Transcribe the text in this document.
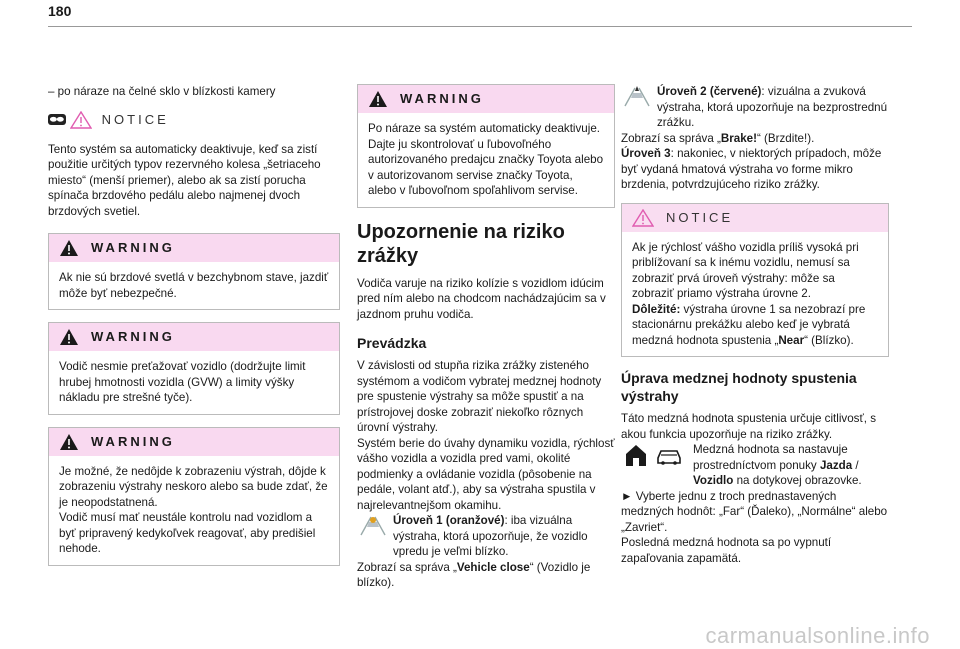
180

– po náraze na čelné sklo v blízkosti kamery

⬬⬬	NOTICE

Tento systém sa automaticky deaktivuje, keď sa zistí použitie určitých typov rezervného kolesa „šetriaceho miesto“ (menší priemer), alebo ak sa zistí porucha spínača brzdového pedálu alebo najmenej dvoch brzdových svetiel.

WARNING

Ak nie sú brzdové svetlá v bezchybnom stave, jazdiť môže byť nebezpečné.

WARNING

Vodič nesmie preťažovať vozidlo (dodržujte limit hrubej hmotnosti vozidla (GVW) a limity výšky nákladu pre strešné tyče).

WARNING

Je možné, že nedôjde k zobrazeniu výstrah, dôjde k zobrazeniu výstrahy neskoro alebo sa bude zdať, že je neopodstatnená.

Vodič musí mať neustále kontrolu nad vozidlom a byť pripravený kedykoľvek reagovať, aby predišiel nehode.

WARNING

Po náraze sa systém automaticky deaktivuje. Dajte ju skontrolovať u ľubovoľného autorizovaného predajcu značky Toyota alebo v autorizovanom servise značky Toyota, alebo v ľubovoľnom spoľahlivom servise.

Upozornenie na riziko zrážky

Vodiča varuje na riziko kolízie s vozidlom idúcim pred ním alebo na chodcom nachádzajúcim sa v jazdnom pruhu vodiča.

Prevádzka

V závislosti od stupňa rizika zrážky zisteného systémom a vodičom vybratej medznej hodnoty pre spustenie výstrahy sa môže spustiť a na prístrojovej doske zobraziť niekoľko rôznych úrovní výstrahy.

Systém berie do úvahy dynamiku vozidla, rýchlosť vášho vozidla a vozidla pred vami, okolité podmienky a ovládanie vozidla (pôsobenie na pedále, volant atď.), aby sa výstraha spustila v najrelevantnejšom okamihu.

Úroveň 1 (oranžové): iba vizuálna výstraha, ktorá upozorňuje, že vozidlo vpredu je veľmi blízko.

Zobrazí sa správa „Vehicle close“ (Vozidlo je blízko).

Úroveň 2 (červené): vizuálna a zvuková výstraha, ktorá upozorňuje na bezprostrednú zrážku.

Zobrazí sa správa „Brake!“ (Brzdite!).

Úroveň 3: nakoniec, v niektorých prípadoch, môže byť vydaná hmatová výstraha vo forme mikro brzdenia, potvrdzujúceho riziko zrážky.

NOTICE

Ak je rýchlosť vášho vozidla príliš vysoká pri priblížovaní sa k inému vozidlu, nemusí sa zobraziť prvá úroveň výstrahy: môže sa zobraziť priamo výstraha úrovne 2.

Dôležité: výstraha úrovne 1 sa nezobrazí pre stacionárnu prekážku alebo keď je vybratá medzná hodnota spustenia „Near“ (Blízko).

Úprava medznej hodnoty spustenia výstrahy

Táto medzná hodnota spustenia určuje citlivosť, s akou funkcia upozorňuje na riziko zrážky.

Medzná hodnota sa nastavuje prostredníctvom ponuky Jazda / Vozidlo na dotykovej obrazovke.

► Vyberte jednu z troch prednastavených medzných hodnôt: „Far“ (Ďaleko), „Normálne“ alebo „Zavriet“.

Posledná medzná hodnota sa po vypnutí zapaľovania zapamätá.

carmanualsonline.info
